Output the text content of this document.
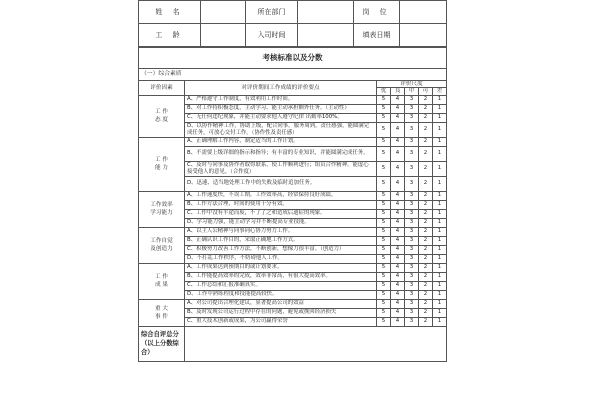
姓 名		所在部门		岗 位	
工 龄		入司时间		填表日期	
考核标准以及分数						
（一）综合素质						
评价因素	对评价期间工作成绩的评价要点	评价尺度				
		优	良	中	可	差
工 作
态 度	A、严格遵守工作制度，有效利用工作时间。	5	4	3	2	1
	B、对工作持积极态度，主动学习、能主动承担额外任务。（主动性）	5	4	3	2	1
	C、无任何违纪现象，并能主动要求他人遵守纪律 出勤率100%。	5	4	3	2	1
	D、以协作精神工作，协助上级，配合同事，服务周到，责任感强，能圆满完成任务，可放心交付工作。（协作性及责任感）	5	4	3	2	1
工 作
能 力	A、正确理解工作内容，制定适当的工作计划。	5	4	3	2	1
	B、不需要上级详细的指示和指导；有丰富的专业知识，并能圆满完成任务。	5	4	3	2	1
	C、及时与同事及协作者取得联系，使工作顺利进行；组员合作精神，能虚心接受他人的意见。（合作度）	5	4	3	2	1
	D、迅速、适当地处理工作中的失败及临时追加任务。	5	4	3	2	1
工作效率
学习能力	A、工作速度快，不误工期，工作效率高，经常保持良好成绩。	5	4	3	2	1
	B、工作方法合理，时间的使用十分有效。	5	4	3	2	1
	C、工作中没有半途而废，不了了之和造成后遗症的现象。	5	4	3	2	1
	D、学习能力强，能主动学习并不断提高专业技能。	5	4	3	2	1
工作自觉
及创造力	A、以主人公精神与同事同心协力努力工作。	5	4	3	2	1
	B、正确认识工作目的，采取正确地工作方式。	5	4	3	2	1
	C、积极努力改善工作方法，不断创新，想像力很丰富。（创造力）	5	4	3	2	1
	D、不打乱工作秩序，不妨碍他人工作。	5	4	3	2	1
工 作
成 果	A、工作成果达到预期目的或计划要求。	5	4	3	2	1
	B、工作能提高效率的完成，效率非常高，有很大提高效率。	5	4	3	2	1
	C、工作总结和汇报准确真实。	5	4	3	2	1
	D、工作中熟练程度和技能提高较快。	5	4	3	2	1
重 大
事 件	A、对公司提出合理化建议，显著提高公司的效益	5	4	3	2	1
	B、及时发现公司运行过程中存在的问题，避免或挽回经济损失	5	4	3	2	1
	C、重大技术创新或成果，为公司赢得荣誉	5	4	3	2	1
综合自评总分（以上分数综合）						
